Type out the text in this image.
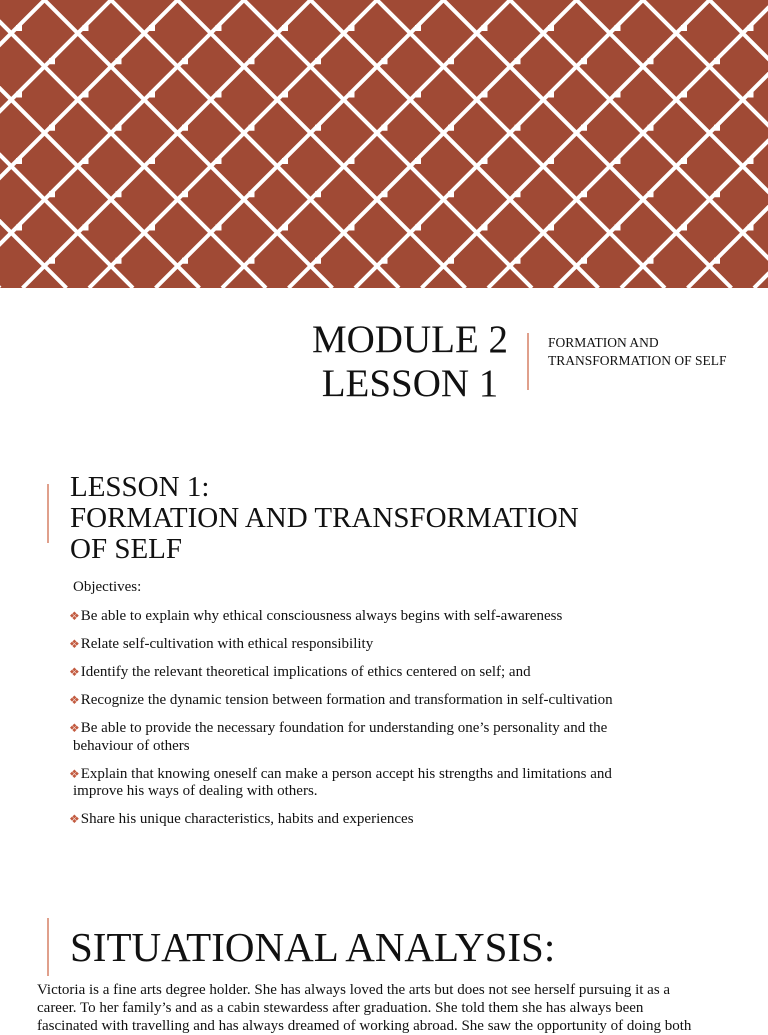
MODULE 2
LESSON 1
FORMATION AND TRANSFORMATION OF SELF
LESSON 1:
FORMATION AND TRANSFORMATION
OF SELF
Objectives:
❖Be able to explain why ethical consciousness always begins with self-awareness
❖Relate self-cultivation with ethical responsibility
❖Identify the relevant theoretical implications of ethics centered on self; and
❖Recognize the dynamic tension between formation and transformation in self-cultivation
❖Be able to provide the necessary foundation for understanding one’s personality and the
behaviour of others
❖Explain that knowing oneself can make a person accept his strengths and limitations and
improve his ways of dealing with others.
❖Share his unique characteristics, habits and experiences
SITUATIONAL ANALYSIS:
Victoria is a fine arts degree holder. She has always loved the arts but does not see herself pursuing it as a
career. To her family’s and as a cabin stewardess after graduation. She told them she has always been
fascinated with travelling and has always dreamed of working abroad. She saw the opportunity of doing both
